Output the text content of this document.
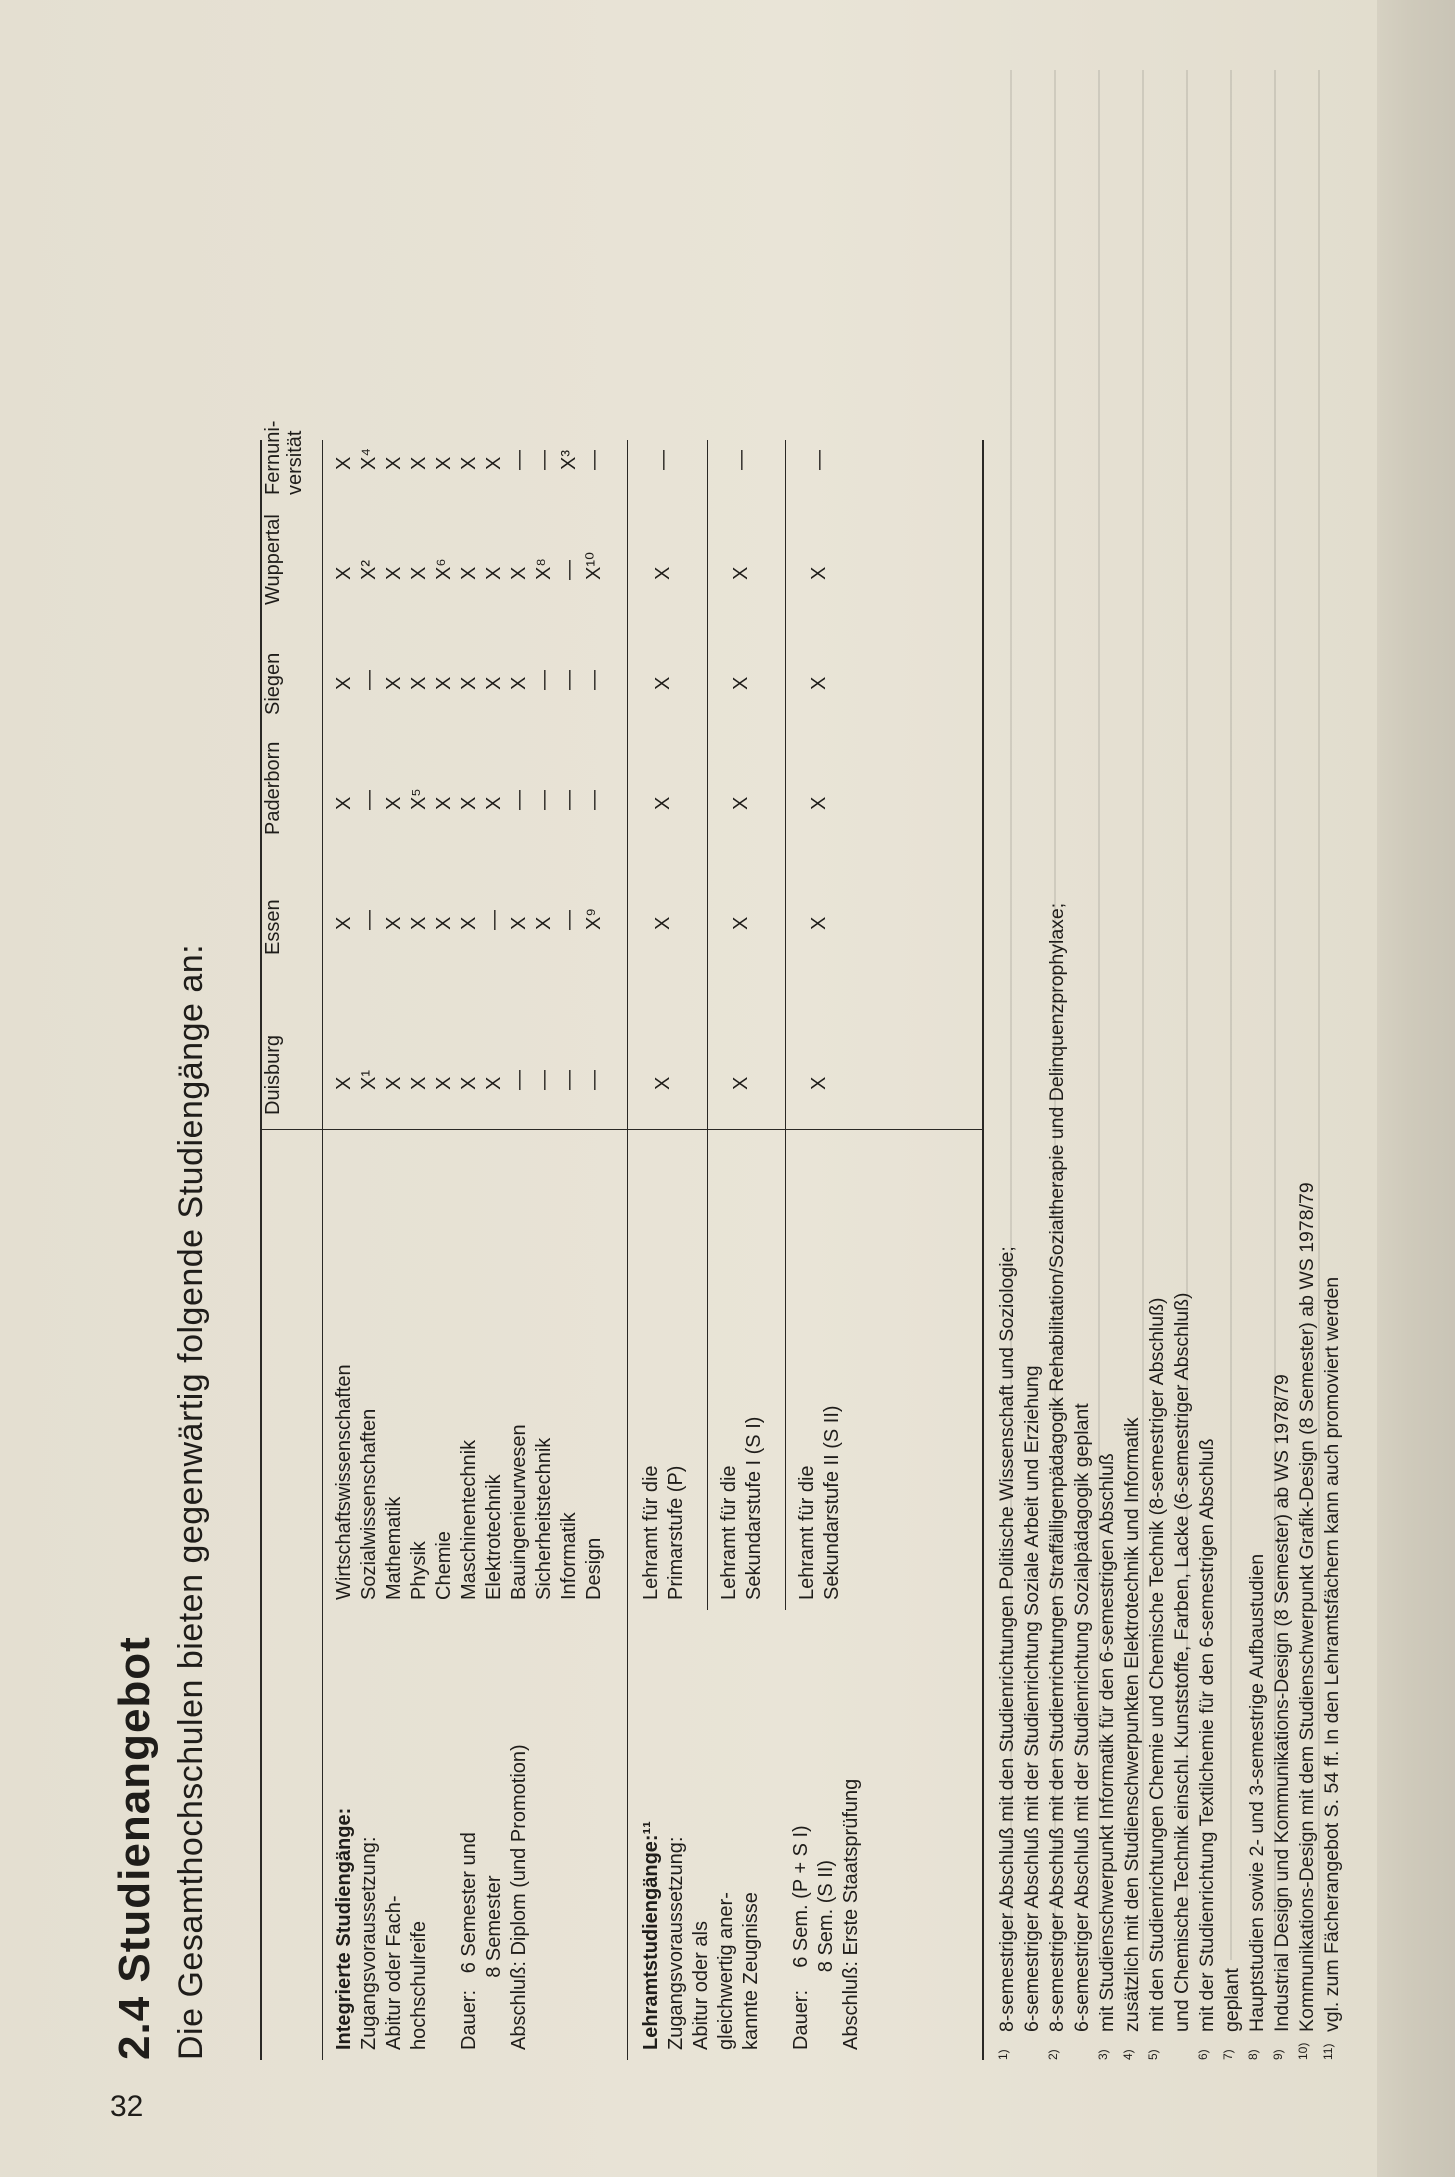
32
2.4 Studienangebot Die Gesamthochschulen bieten gegenwärtig folgende Studiengänge an:	Duisburg
Essen
Paderborn
Siegen
Wuppertal
Fernuni-
versität
Integrierte Studiengänge:
Zugangsvoraussetzung:
Abitur oder Fach-
hochschulreife

Dauer:   6 Semester und
8 Semester
Abschluß: Diplom (und Promotion)
Wirtschaftswissenschaften
X
X
X
X
X
X
Sozialwissenschaften
X¹
—
—
—
X²
X⁴
Mathematik
X
X
X
X
X
X
Physik
X
X
X⁵
X
X
X
Chemie
X
X
X
X
X⁶
X
Maschinentechnik
X
X
X
X
X
X
Elektrotechnik
X
—
X
X
X
X
Bauingenieurwesen
—
X
—
X
X
—
Sicherheitstechnik
—
X
—
—
X⁸
—
Informatik
—
—
—
—
—
X³
Design
—
X⁹
—
—
X¹⁰
—
Lehramtstudiengänge:¹¹
Zugangsvoraussetzung:
Abitur oder als
gleichwertig aner-
kannte Zeugnisse

Dauer:    6 Sem. (P + S I)
8 Sem. (S II)
Abschluß: Erste Staatsprüfung
Lehramt für die
Primarstufe (P)
X
X
X
X
X
—
Lehramt für die
Sekundarstufe I (S I)
X
X
X
X
X
—
Lehramt für die
Sekundarstufe II (S II)
X
X
X
X
X
—
1)
8-semestriger Abschluß mit den Studienrichtungen Politische Wissenschaft und Soziologie; 6-semestriger Abschluß mit der Studienrichtung Soziale Arbeit und Erziehung
2)
8-semestriger Abschluß mit den Studienrichtungen Straffälligenpädagogik Rehabilitation/Sozialtherapie und Delinquenzprophylaxe; 6-semestriger Abschluß mit der Studienrichtung Sozialpädagogik geplant
3)
mit Studienschwerpunkt Informatik für den 6-semestrigen Abschluß
4)
zusätzlich mit den Studienschwerpunkten Elektrotechnik und Informatik
5)
mit den Studienrichtungen Chemie und Chemische Technik (8-semestriger Abschluß) und Chemische Technik einschl. Kunststoffe, Farben, Lacke (6-semestriger Abschluß)
6)
mit der Studienrichtung Textilchemie für den 6-semestrigen Abschluß
7)
geplant
8)
Hauptstudien sowie 2- und 3-semestrige Aufbaustudien
9)
Industrial Design und Kommunikations-Design (8 Semester) ab WS 1978/79
10)
Kommunikations-Design mit dem Studienschwerpunkt Grafik-Design (8 Semester) ab WS 1978/79
11)
vgl. zum Fächerangebot S. 54 ff. In den Lehramtsfächern kann auch promoviert werden
